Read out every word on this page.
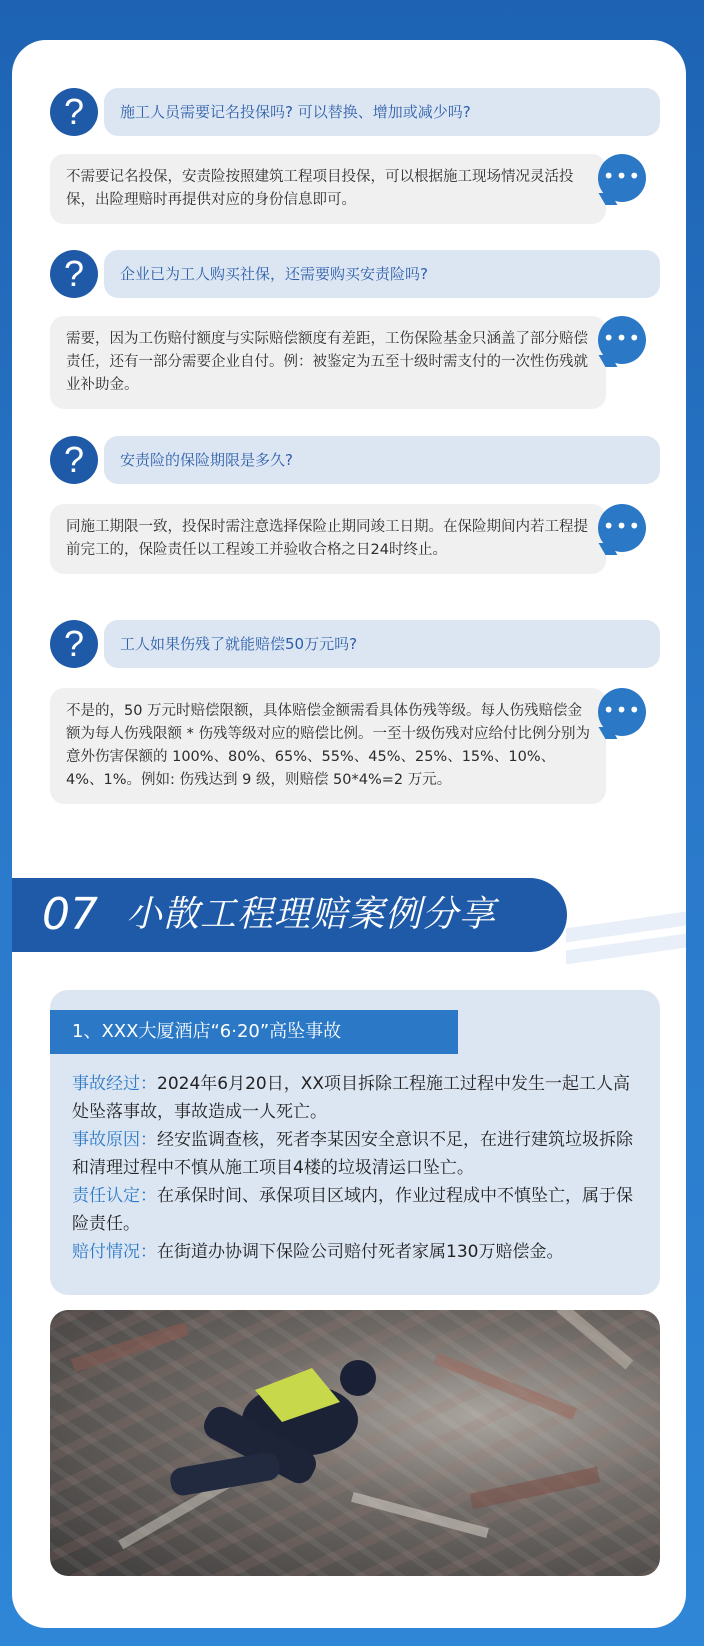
?	施工人员需要记名投保吗? 可以替换、增加或减少吗?
不需要记名投保，安责险按照建筑工程项目投保，可以根据施工现场情况灵活投保，出险理赔时再提供对应的身份信息即可。
•••
?	企业已为工人购买社保，还需要购买安责险吗?
需要，因为工伤赔付额度与实际赔偿额度有差距，工伤保险基金只涵盖了部分赔偿责任，还有一部分需要企业自付。例：被鉴定为五至十级时需支付的一次性伤残就业补助金。
•••
?	安责险的保险期限是多久?
同施工期限一致，投保时需注意选择保险止期同竣工日期。在保险期间内若工程提前完工的，保险责任以工程竣工并验收合格之日24时终止。
•••
?	工人如果伤残了就能赔偿50万元吗?
不是的，50 万元时赔偿限额，具体赔偿金额需看具体伤残等级。每人伤残赔偿金额为每人伤残限额 * 伤残等级对应的赔偿比例。一至十级伤残对应给付比例分别为意外伤害保额的 100%、80%、65%、55%、45%、25%、15%、10%、4%、1%。例如: 伤残达到 9 级，则赔偿 50*4%=2 万元。
•••
07 小散工程理赔案例分享
1、XXX大厦酒店“6·20”高坠事故

事故经过：2024年6月20日，XX项目拆除工程施工过程中发生一起工人高处坠落事故，事故造成一人死亡。

事故原因：经安监调查核，死者李某因安全意识不足，在进行建筑垃圾拆除和清理过程中不慎从施工项目4楼的垃圾清运口坠亡。

责任认定：在承保时间、承保项目区域内，作业过程成中不慎坠亡，属于保险责任。

赔付情况：在街道办协调下保险公司赔付死者家属130万赔偿金。
